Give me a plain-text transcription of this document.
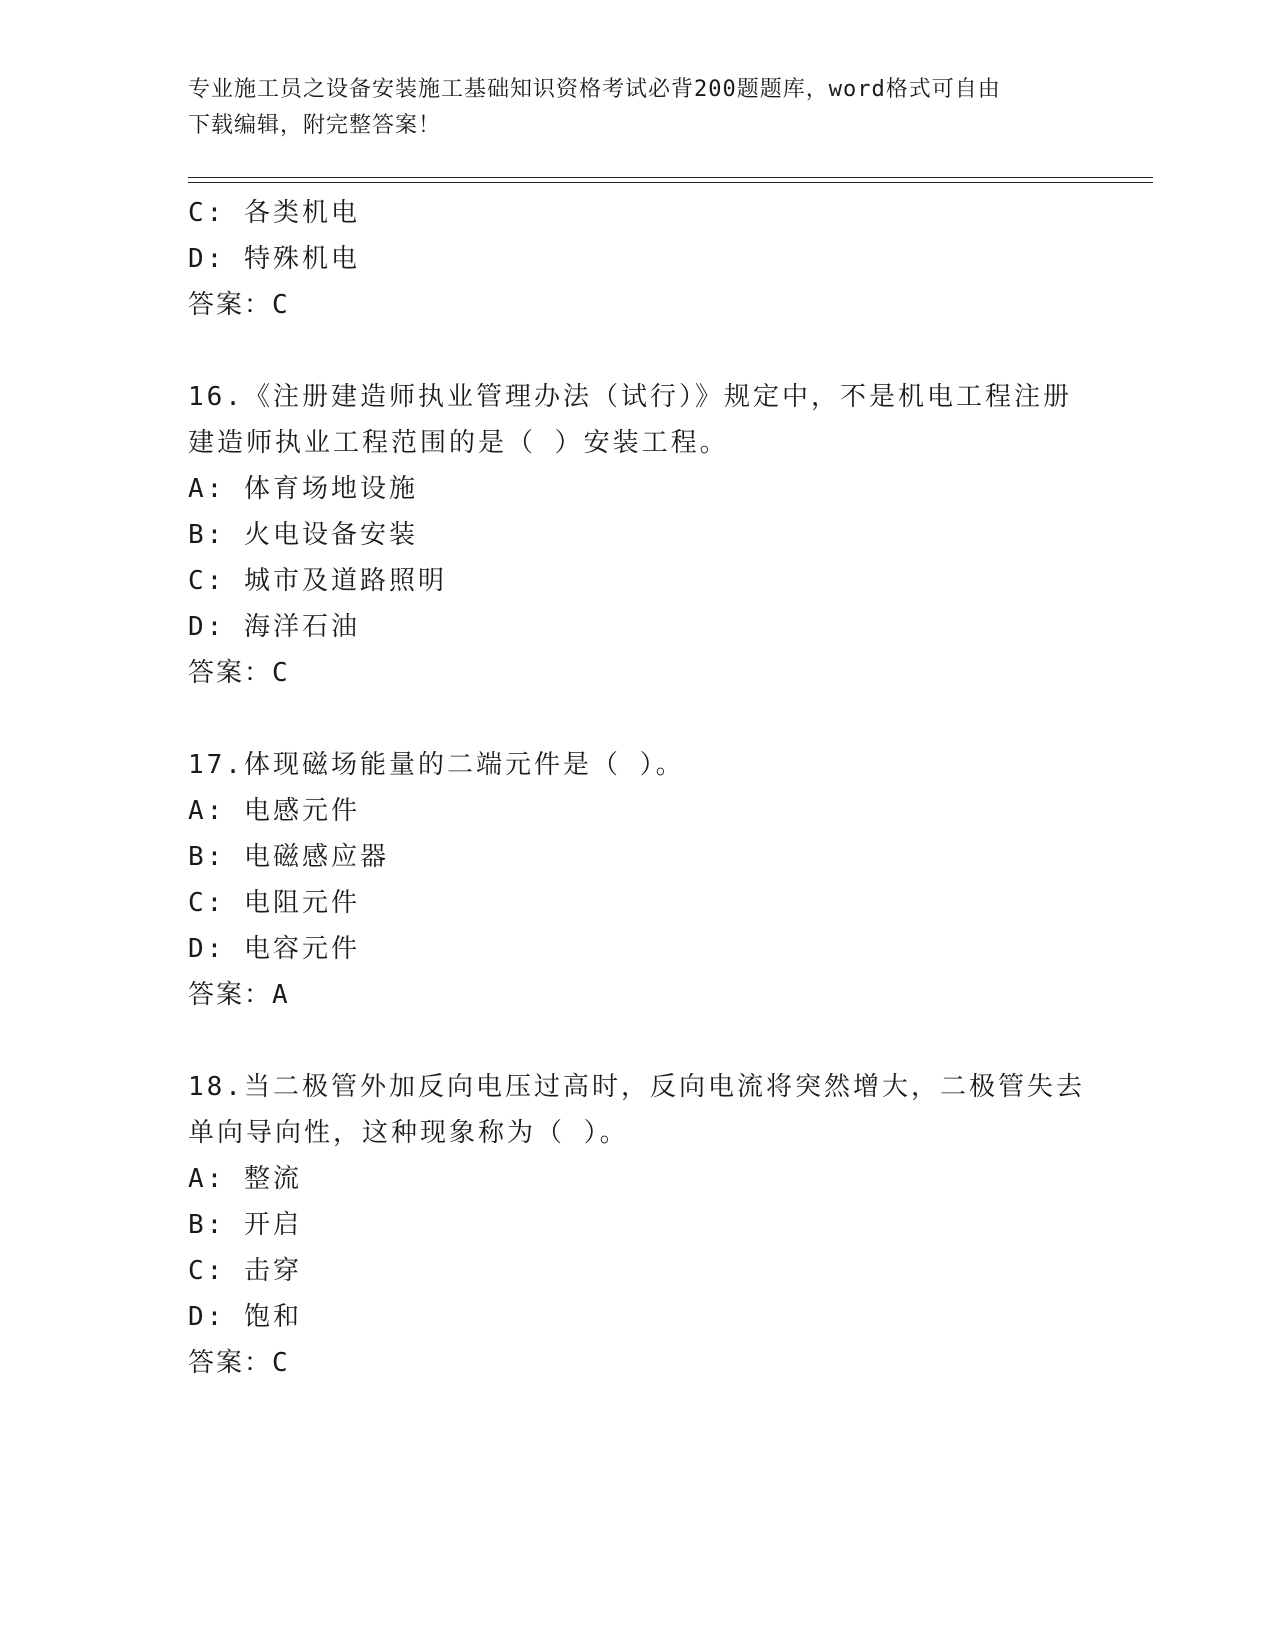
专业施工员之设备安装施工基础知识资格考试必背200题题库，word格式可自由
下载编辑，附完整答案！
C: 各类机电
D: 特殊机电
答案：C
16.《注册建造师执业管理办法（试行）》规定中，不是机电工程注册
建造师执业工程范围的是（ ）安装工程。
A: 体育场地设施
B: 火电设备安装
C: 城市及道路照明
D: 海洋石油
答案：C
17.体现磁场能量的二端元件是（ ）。
A: 电感元件
B: 电磁感应器
C: 电阻元件
D: 电容元件
答案：A
18.当二极管外加反向电压过高时，反向电流将突然增大，二极管失去
单向导向性，这种现象称为（ ）。
A: 整流
B: 开启
C: 击穿
D: 饱和
答案：C
